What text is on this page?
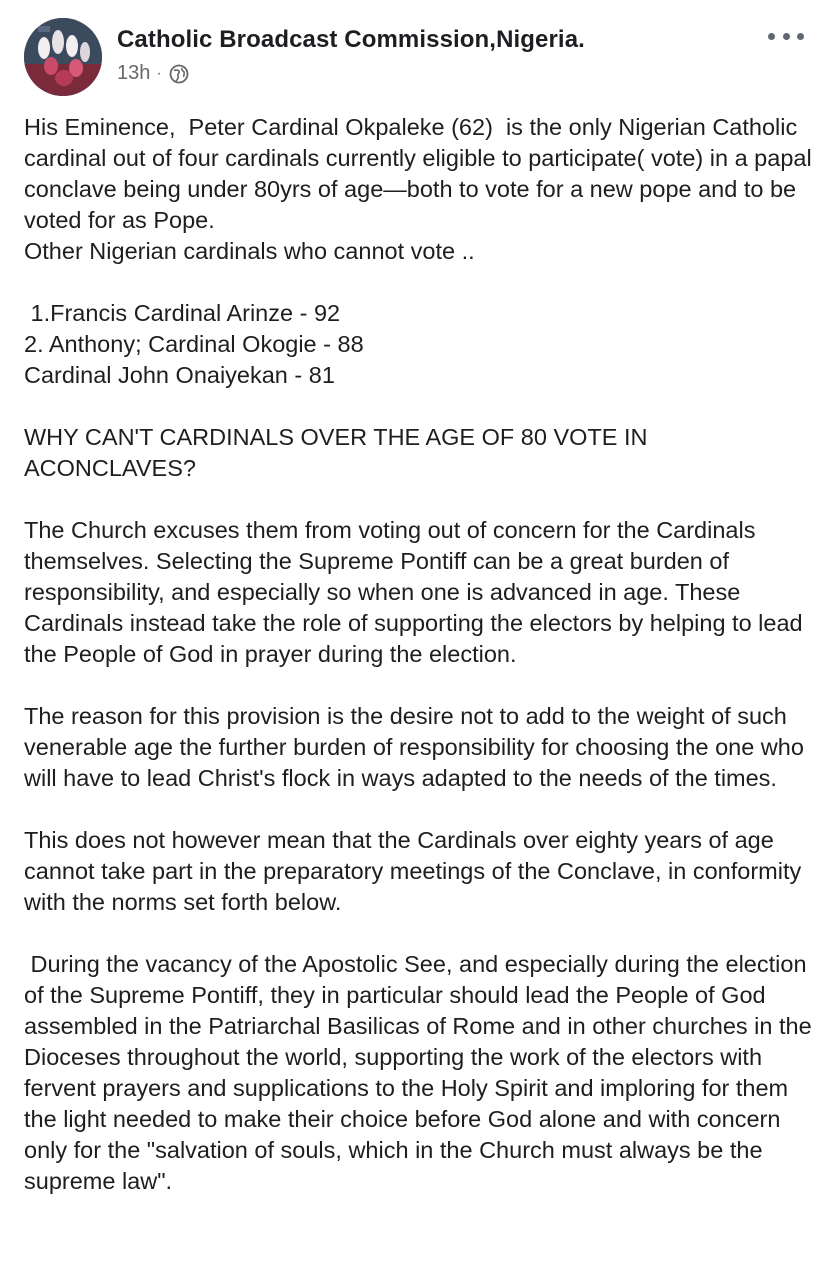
Catholic Broadcast Commission,Nigeria.
13h ·

His Eminence,  Peter Cardinal Okpaleke (62)  is the only Nigerian Catholic cardinal out of four cardinals currently eligible to participate( vote) in a papal conclave being under 80yrs of age—both to vote for a new pope and to be voted for as Pope.
Other Nigerian cardinals who cannot vote ..

1.Francis Cardinal Arinze - 92
2. Anthony; Cardinal Okogie - 88
Cardinal John Onaiyekan - 81

WHY CAN'T CARDINALS OVER THE AGE OF 80 VOTE IN ACONCLAVES?

The Church excuses them from voting out of concern for the Cardinals themselves. Selecting the Supreme Pontiff can be a great burden of responsibility, and especially so when one is advanced in age. These Cardinals instead take the role of supporting the electors by helping to lead the People of God in prayer during the election.

The reason for this provision is the desire not to add to the weight of such venerable age the further burden of responsibility for choosing the one who will have to lead Christ's flock in ways adapted to the needs of the times.

This does not however mean that the Cardinals over eighty years of age cannot take part in the preparatory meetings of the Conclave, in conformity with the norms set forth below.

During the vacancy of the Apostolic See, and especially during the election of the Supreme Pontiff, they in particular should lead the People of God assembled in the Patriarchal Basilicas of Rome and in other churches in the Dioceses throughout the world, supporting the work of the electors with fervent prayers and supplications to the Holy Spirit and imploring for them the light needed to make their choice before God alone and with concern only for the "salvation of souls, which in the Church must always be the supreme law".
